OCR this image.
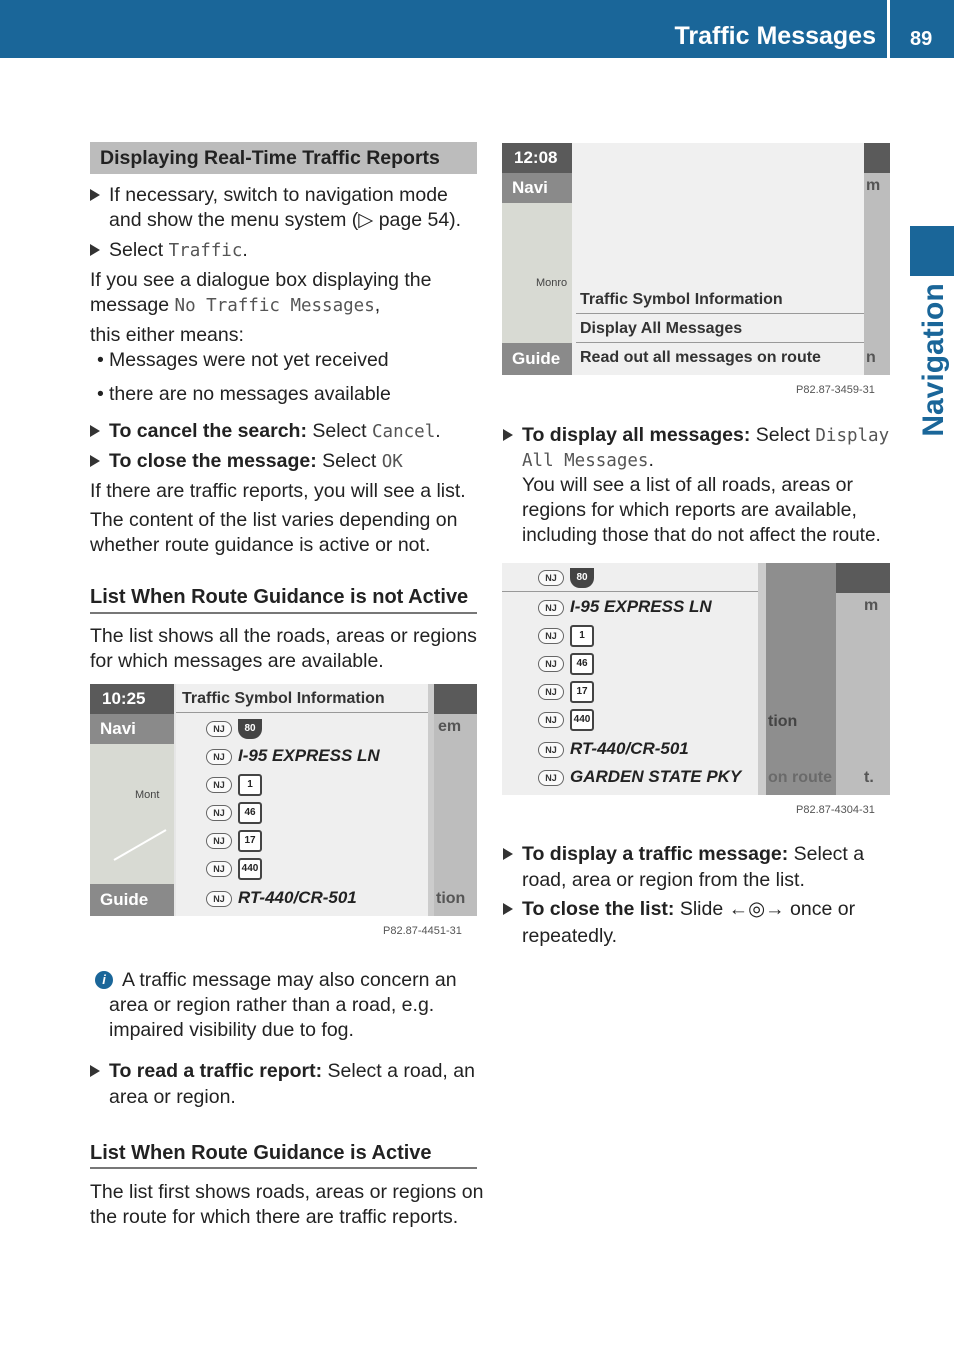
Traffic Messages 89
Navigation
Displaying Real-Time Traffic Reports
If necessary, switch to navigation mode
and show the menu system (▷ page 54).
Select Traffic.
If you see a dialogue box displaying the
message No Traffic Messages,
this either means:
• Messages were not yet received
• there are no messages available
To cancel the search: Select Cancel.
To close the message: Select OK
If there are traffic reports, you will see a list.
The content of the list varies depending on
whether route guidance is active or not.
List When Route Guidance is not Active
The list shows all the roads, areas or regions
for which messages are available.
10:25
Navi
Mont
Guide
Traffic Symbol Information
NJ 80
NJ I-95 EXPRESS LN
NJ 1
NJ 46
NJ 17
NJ 440
NJ RT-440/CR-501
em
tion
P82.87-4451-31
i A traffic message may also concern an
area or region rather than a road, e.g.
impaired visibility due to fog.
To read a traffic report: Select a road, an
area or region.
List When Route Guidance is Active
The list first shows roads, areas or regions on
the route for which there are traffic reports.
12:08
Navi
Monro
Guide
Traffic Symbol Information
Display All Messages
Read out all messages on route
m
n
P82.87-3459-31
To display all messages: Select Display
All Messages.
You will see a list of all roads, areas or
regions for which reports are available,
including those that do not affect the route.
NJ 80
NJ I-95 EXPRESS LN
NJ 1
NJ 46
NJ 17
NJ 440
NJ RT-440/CR-501
NJ GARDEN STATE PKY
tion
on route
m
t.
P82.87-4304-31
To display a traffic message: Select a
road, area or region from the list.
To close the list: Slide ←◎→ once or
repeatedly.
